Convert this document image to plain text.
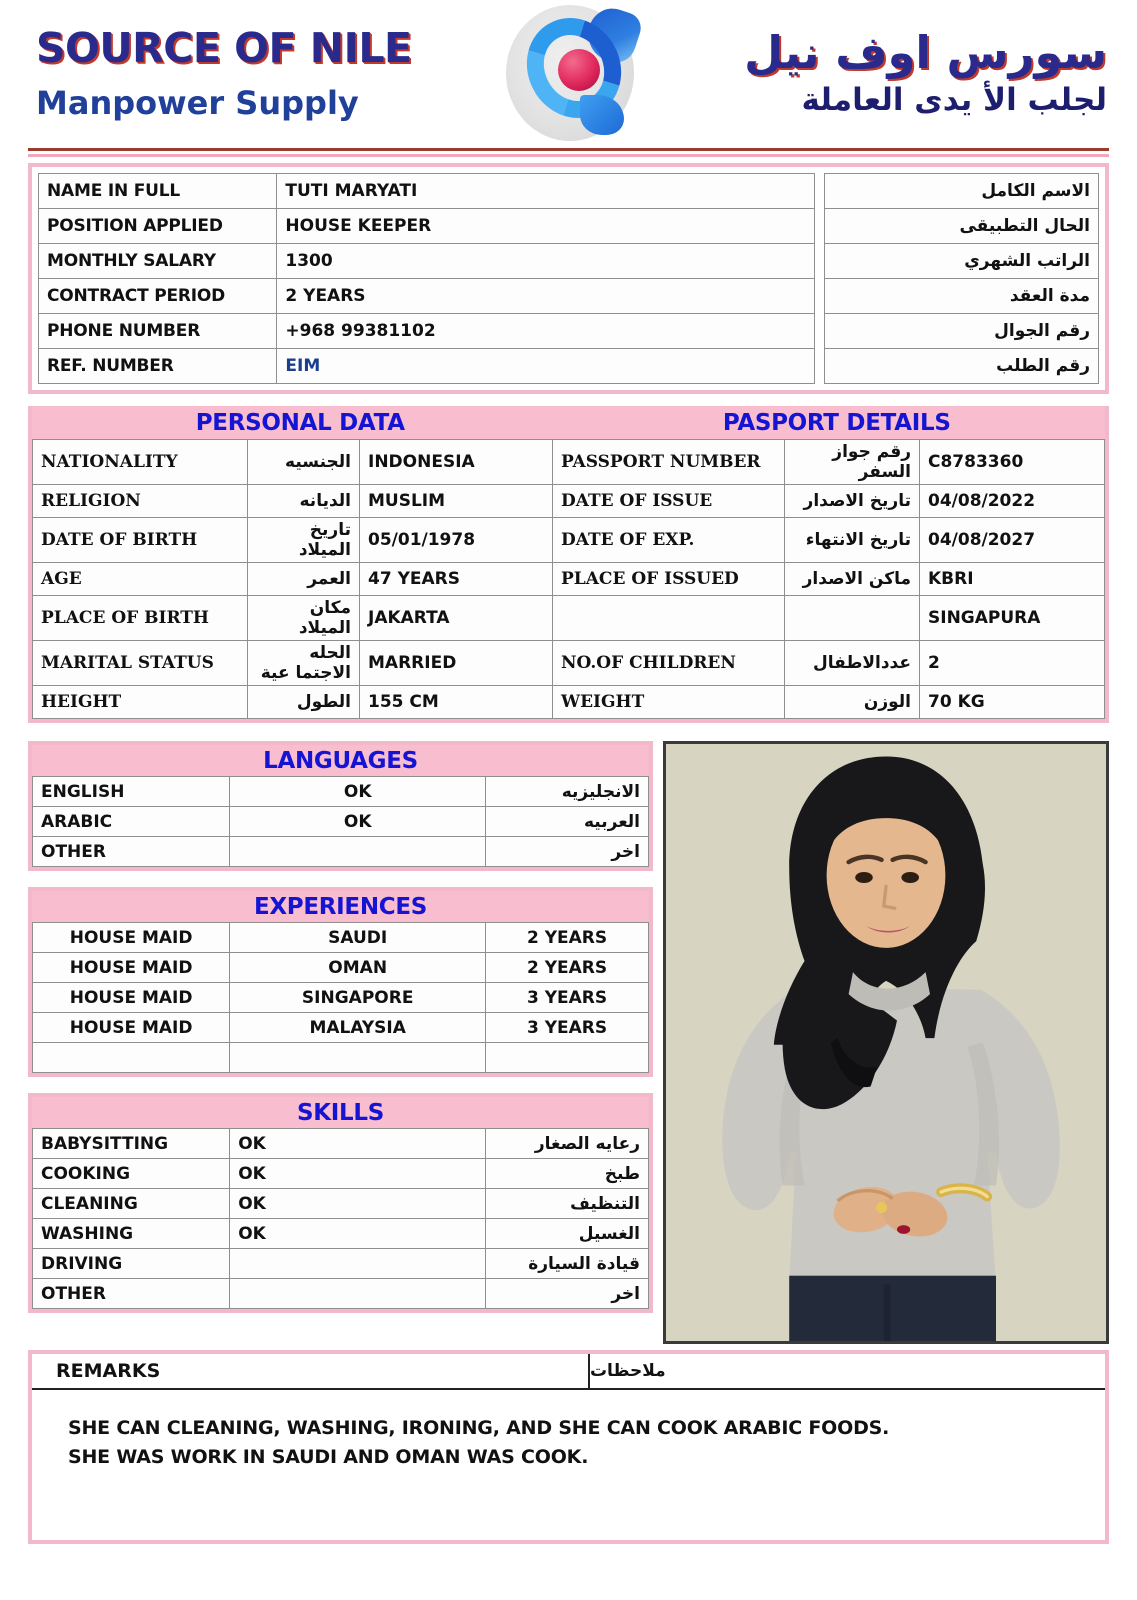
SOURCE OF NILE
Manpower Supply
سورس اوف نيل
لجلب الأ يدى العاملة
NAME IN FULL	TUTI MARYATI		الاسم الكامل
POSITION APPLIED	HOUSE KEEPER		الحال التطبيقى
MONTHLY SALARY	1300		الراتب الشهري
CONTRACT PERIOD	2 YEARS		مدة العقد
PHONE NUMBER	+968 99381102		رقم الجوال
REF. NUMBER	EIM		رقم الطلب
PERSONAL DATA	PASPORT DETAILS
NATIONALITY	الجنسيه	INDONESIA	PASSPORT NUMBER	رقم جواز السفر	C8783360
RELIGION	الديانه	MUSLIM	DATE OF ISSUE	تاريخ الاصدار	04/08/2022
DATE OF BIRTH	تاريخ الميلاد	05/01/1978	DATE OF EXP.	تاريخ الانتهاء	04/08/2027
AGE	العمر	47 YEARS	PLACE OF ISSUED	ماكن الاصدار	KBRI
PLACE OF BIRTH	مكان الميلاد	JAKARTA			SINGAPURA
MARITAL STATUS	الحله الاجتما عية	MARRIED	NO.OF CHILDREN	عددالاطفال	2
HEIGHT	الطول	155 CM	WEIGHT	الوزن	70 KG
LANGUAGES
ENGLISH	OK	الانجليزيه
ARABIC	OK	العربيه
OTHER		اخر
EXPERIENCES
HOUSE MAID	SAUDI	2 YEARS
HOUSE MAID	OMAN	2 YEARS
HOUSE MAID	SINGAPORE	3 YEARS
HOUSE MAID	MALAYSIA	3 YEARS

SKILLS
BABYSITTING	OK	رعايه الصغار
COOKING	OK	طبخ
CLEANING	OK	التنظيف
WASHING	OK	الغسيل
DRIVING		قيادة السيارة
OTHER		اخر
REMARKS	ملاحظات
SHE CAN CLEANING, WASHING, IRONING, AND SHE CAN COOK ARABIC FOODS.
SHE WAS WORK IN SAUDI AND OMAN WAS COOK.
